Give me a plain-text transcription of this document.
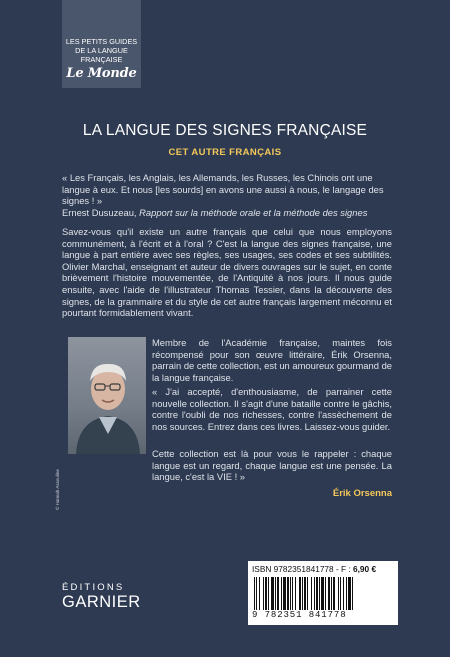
LES PETITS GUIDES
DE LA LANGUE
FRANÇAISE
Le Monde
LA LANGUE DES SIGNES FRANÇAISE
CET AUTRE FRANÇAIS

« Les Français, les Anglais, les Allemands, les Russes, les Chinois ont une langue à eux. Et nous [les sourds] en avons une aussi à nous, le langage des signes ! »

Ernest Dusuzeau, Rapport sur la méthode orale et la méthode des signes

Savez-vous qu'il existe un autre français que celui que nous employons communément, à l'écrit et à l'oral ? C'est la langue des signes française, une langue à part entière avec ses règles, ses usages, ses codes et ses subtilités. Olivier Marchal, enseignant et auteur de divers ouvrages sur le sujet, en conte brièvement l'histoire mouvementée, de l'Antiquité à nos jours. Il nous guide ensuite, avec l'aide de l'illustrateur Thomas Tessier, dans la découverte des signes, de la grammaire et du style de cet autre français largement méconnu et pourtant formidablement vivant.

© Hannah Assouline

Membre de l'Académie française, maintes fois récompensé pour son œuvre littéraire, Érik Orsenna, parrain de cette collection, est un amoureux gourmand de la langue française.

« J'ai accepté, d'enthousiasme, de parrainer cette nouvelle collection. Il s'agit d'une bataille contre le gâchis, contre l'oubli de nos richesses, contre l'assèchement de nos sources. Entrez dans ces livres. Laissez-vous guider.

Cette collection est là pour vous le rappeler : chaque langue est un regard, chaque langue est une pensée. La langue, c'est la VIE ! »

Érik Orsenna
ÉDITIONS
GARNIER
ISBN 9782351841778 - F : 6,90 €
9 782351 841778
